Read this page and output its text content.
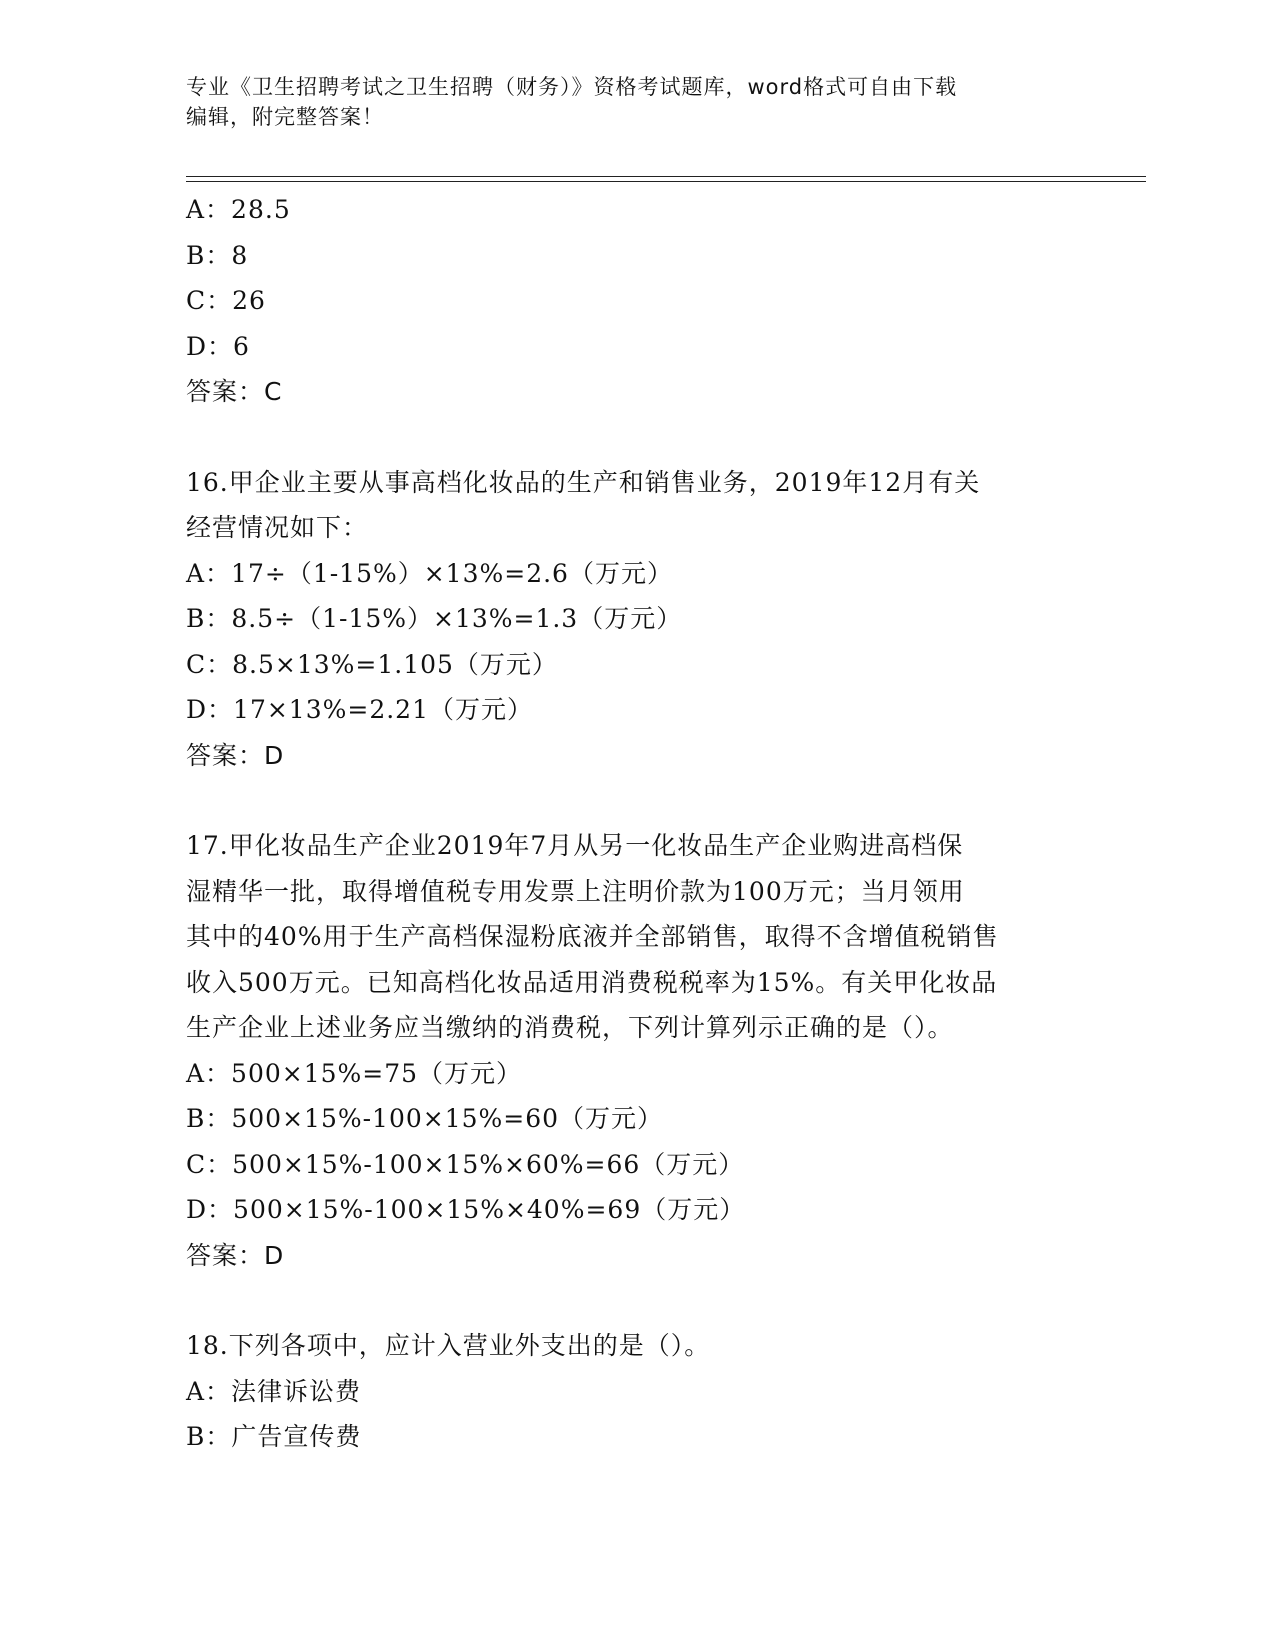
专业《卫生招聘考试之卫生招聘（财务）》资格考试题库，word格式可自由下载
编辑，附完整答案！
A：28.5
B：8
C：26
D：6
答案：C
16.甲企业主要从事高档化妆品的生产和销售业务，2019年12月有关
经营情况如下：
A：17÷（1-15%）×13%=2.6（万元）
B：8.5÷（1-15%）×13%=1.3（万元）
C：8.5×13%=1.105（万元）
D：17×13%=2.21（万元）
答案：D
17.甲化妆品生产企业2019年7月从另一化妆品生产企业购进高档保
湿精华一批，取得增值税专用发票上注明价款为100万元；当月领用
其中的40%用于生产高档保湿粉底液并全部销售，取得不含增值税销售
收入500万元。已知高档化妆品适用消费税税率为15%。有关甲化妆品
生产企业上述业务应当缴纳的消费税，下列计算列示正确的是（）。
A：500×15%=75（万元）
B：500×15%-100×15%=60（万元）
C：500×15%-100×15%×60%=66（万元）
D：500×15%-100×15%×40%=69（万元）
答案：D
18.下列各项中，应计入营业外支出的是（）。
A：法律诉讼费
B：广告宣传费
